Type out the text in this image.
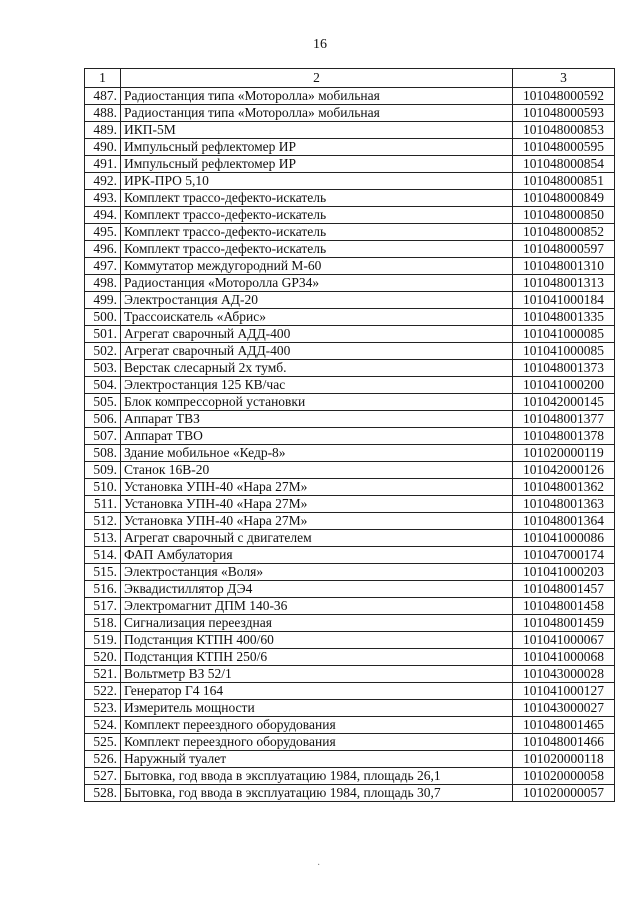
16
1	2	3
487.	Радиостанция типа «Моторолла» мобильная	101048000592
488.	Радиостанция типа «Моторолла» мобильная	101048000593
489.	ИКП-5М	101048000853
490.	Импульсный рефлектомер ИР	101048000595
491.	Импульсный рефлектомер ИР	101048000854
492.	ИРК-ПРО 5,10	101048000851
493.	Комплект трассо-дефекто-искатель	101048000849
494.	Комплект трассо-дефекто-искатель	101048000850
495.	Комплект трассо-дефекто-искатель	101048000852
496.	Комплект трассо-дефекто-искатель	101048000597
497.	Коммутатор междугородний М-60	101048001310
498.	Радиостанция «Моторолла GP34»	101048001313
499.	Электростанция АД-20	101041000184
500.	Трассоискатель «Абрис»	101048001335
501.	Агрегат сварочный АДД-400	101041000085
502.	Агрегат сварочный АДД-400	101041000085
503.	Верстак слесарный 2х тумб.	101048001373
504.	Электростанция 125 КВ/час	101041000200
505.	Блок компрессорной установки	101042000145
506.	Аппарат ТВЗ	101048001377
507.	Аппарат ТВО	101048001378
508.	Здание мобильное «Кедр-8»	101020000119
509.	Станок 16В-20	101042000126
510.	Установка УПН-40 «Нара 27М»	101048001362
511.	Установка УПН-40 «Нара 27М»	101048001363
512.	Установка УПН-40 «Нара 27М»	101048001364
513.	Агрегат сварочный с двигателем	101041000086
514.	ФАП Амбулатория	101047000174
515.	Электростанция «Воля»	101041000203
516.	Эквадистиллятор ДЭ4	101048001457
517.	Электромагнит ДПМ 140-36	101048001458
518.	Сигнализация переездная	101048001459
519.	Подстанция КТПН 400/60	101041000067
520.	Подстанция КТПН 250/6	101041000068
521.	Вольтметр ВЗ 52/1	101043000028
522.	Генератор Г4 164	101041000127
523.	Измеритель мощности	101043000027
524.	Комплект переездного оборудования	101048001465
525.	Комплект переездного оборудования	101048001466
526.	Наружный туалет	101020000118
527.	Бытовка, год ввода в эксплуатацию 1984, площадь 26,1	101020000058
528.	Бытовка, год ввода в эксплуатацию 1984, площадь 30,7	101020000057
·
